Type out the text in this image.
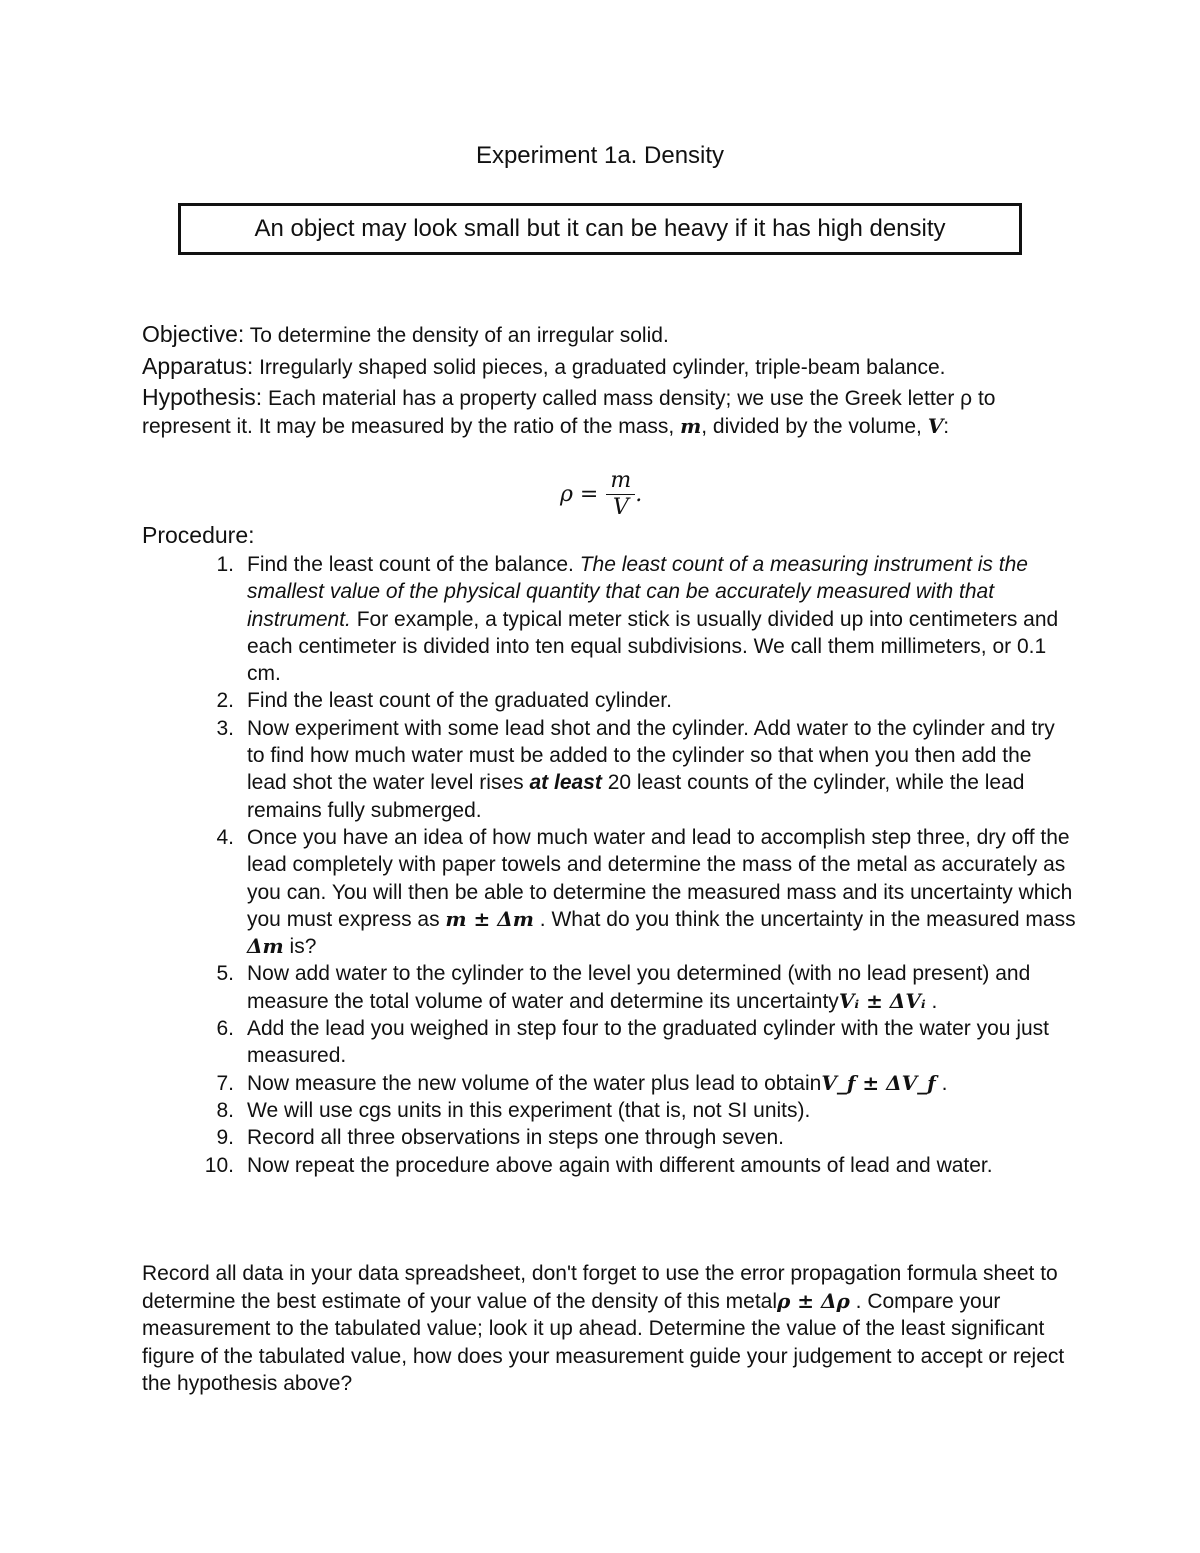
Experiment 1a. Density
An object may look small but it can be heavy if it has high density

Objective: To determine the density of an irregular solid.

Apparatus: Irregularly shaped solid pieces, a graduated cylinder, triple-beam balance.

Hypothesis: Each material has a property called mass density; we use the Greek letter ρ to represent it. It may be measured by the ratio of the mass, m, divided by the volume, V:

$\rho = \frac{m}{V}$ .
Procedure:
1. Find the least count of the balance. The least count of a measuring instrument is the smallest value of the physical quantity that can be accurately measured with that instrument. For example, a typical meter stick is usually divided up into centimeters and each centimeter is divided into ten equal subdivisions. We call them millimeters, or 0.1 cm.
2. Find the least count of the graduated cylinder.
3. Now experiment with some lead shot and the cylinder. Add water to the cylinder and try to find how much water must be added to the cylinder so that when you then add the lead shot the water level rises at least 20 least counts of the cylinder, while the lead remains fully submerged.
4. Once you have an idea of how much water and lead to accomplish step three, dry off the lead completely with paper towels and determine the mass of the metal as accurately as you can. You will then be able to determine the measured mass and its uncertainty which you must express as m ± Δm . What do you think the uncertainty in the measured mass Δm is?
5. Now add water to the cylinder to the level you determined (with no lead present) and measure the total volume of water and determine its uncertaintyVᵢ ± ΔVᵢ .
6. Add the lead you weighed in step four to the graduated cylinder with the water you just measured.
7. Now measure the new volume of the water plus lead to obtainV_f ± ΔV_f .
8. We will use cgs units in this experiment (that is, not SI units).
9. Record all three observations in steps one through seven.
10. Now repeat the procedure above again with different amounts of lead and water.
Record all data in your data spreadsheet, don't forget to use the error propagation formula sheet to determine the best estimate of your value of the density of this metalρ ± Δρ . Compare your measurement to the tabulated value; look it up ahead. Determine the value of the least significant figure of the tabulated value, how does your measurement guide your judgement to accept or reject the hypothesis above?
